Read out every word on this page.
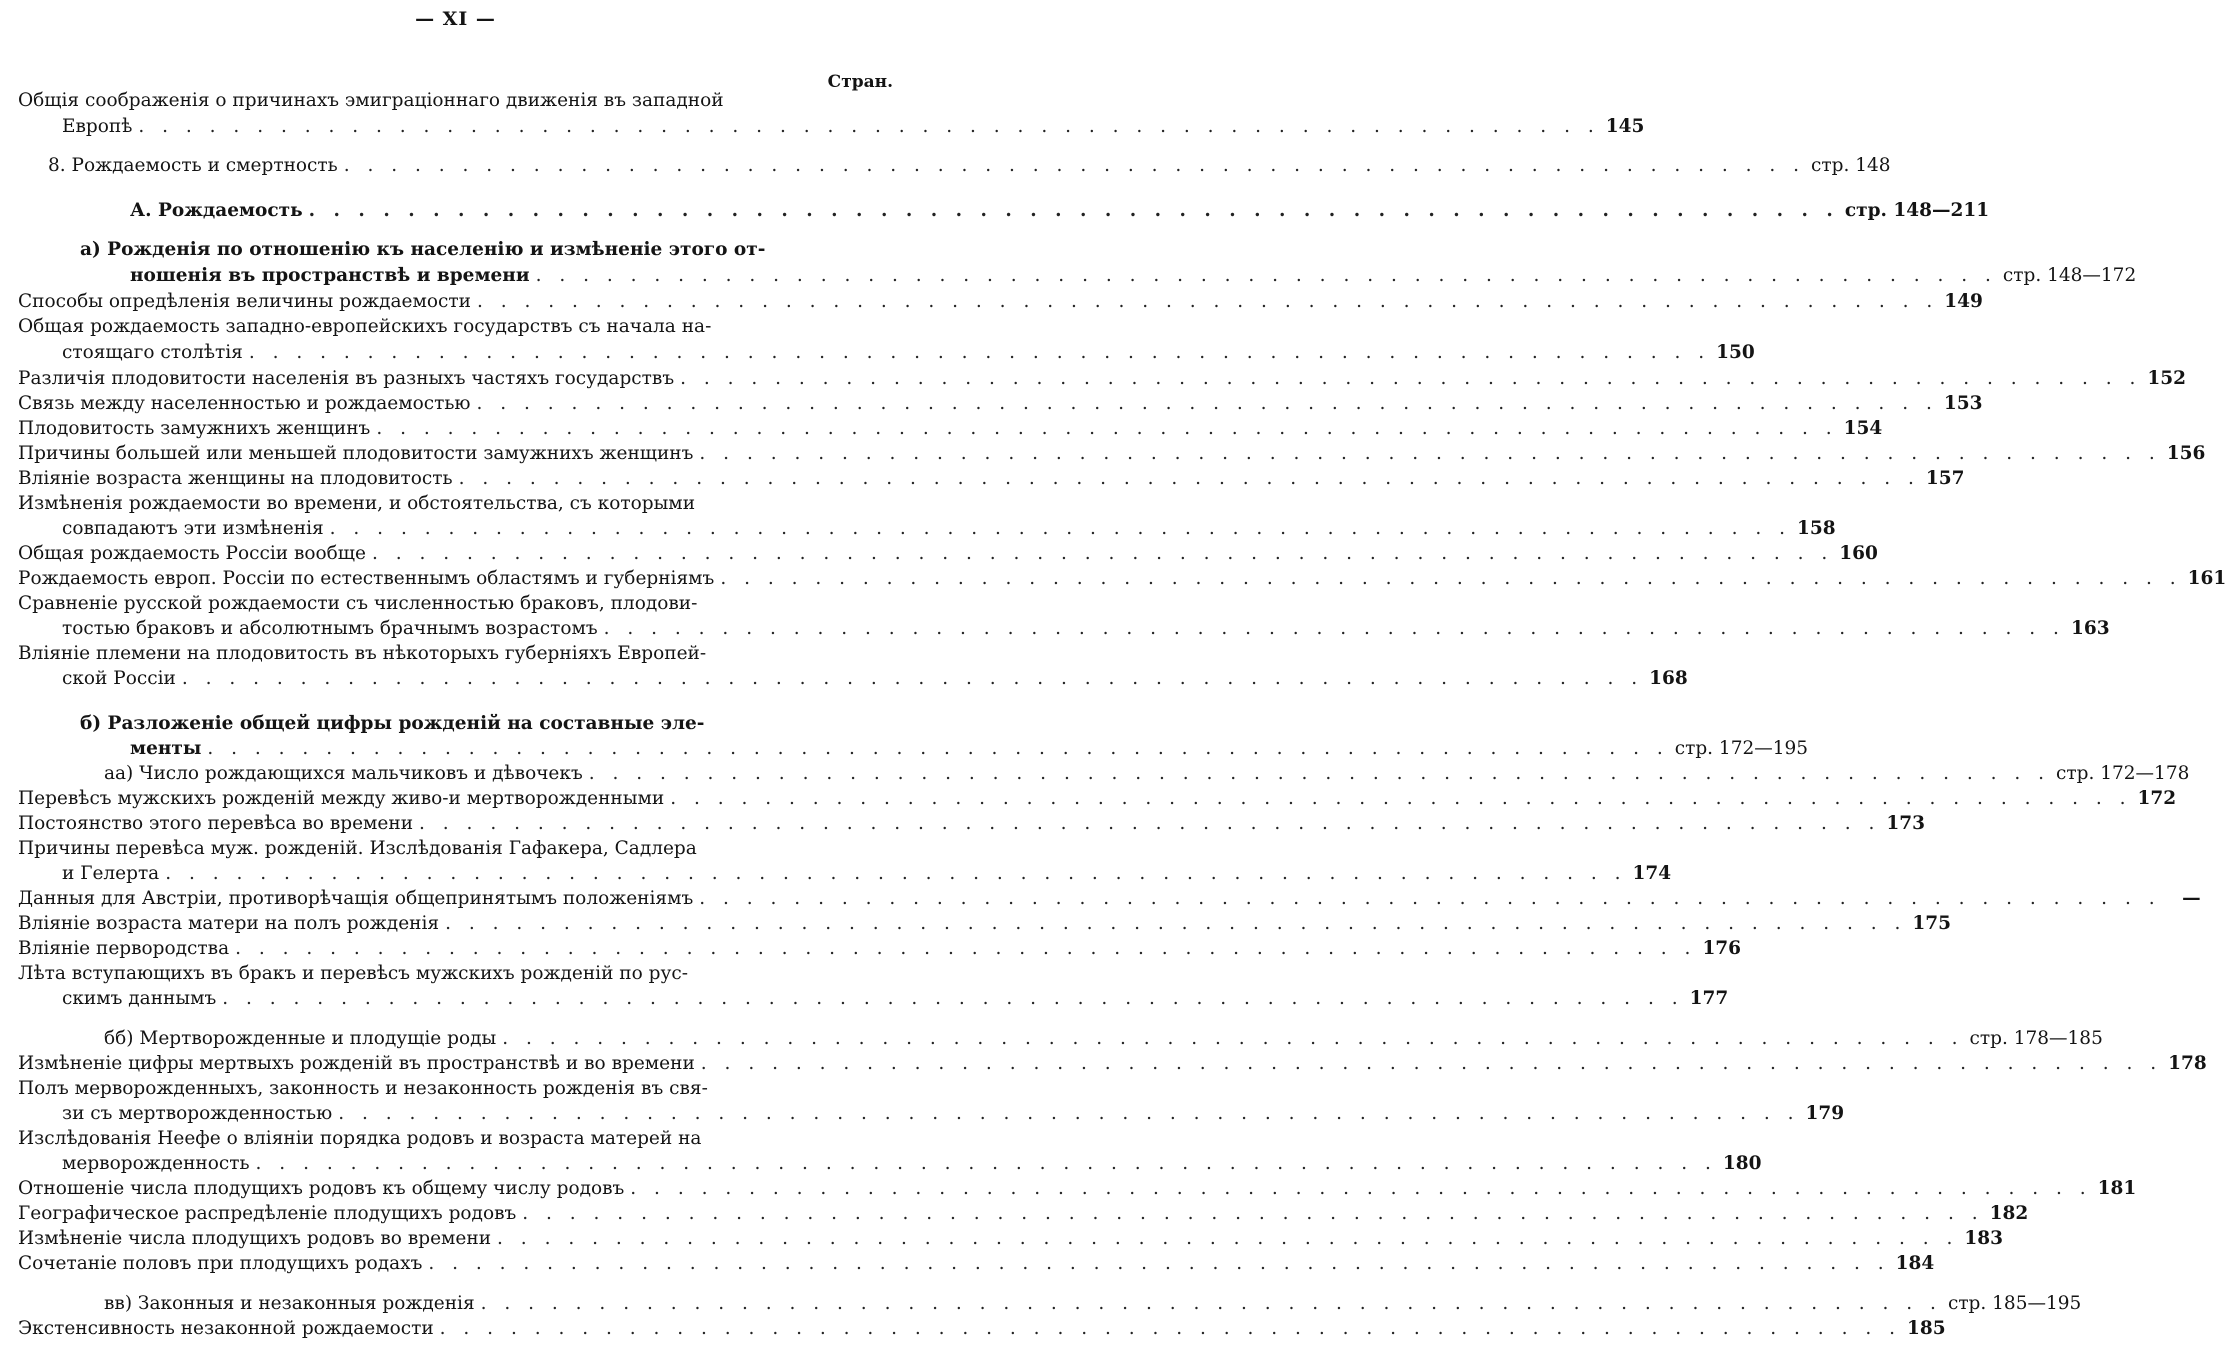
— XI —
Стран.
Общія соображенія о причинахъ эмиграціоннаго движенія въ западной
Европѣ . . . . . . . . . . . . . . . . . . . . . . . . . . . . . . . . . . . . . . . . . . . . . . . . . . . . . . . . . . . . . . 145
8. Рождаемость и смертность . . . . . . . . . . . . . . . . . . . . . . . . . . . . . . . . . . . . . . . . . . . . . . . . . . . . . . . . . . . . . . стр. 148
А. Рождаемость . . . . . . . . . . . . . . . . . . . . . . . . . . . . . . . . . . . . . . . . . . . . . . . . . . . . . . . . . . . . . . стр. 148—211
а) Рожденія по отношенію къ населенію и измѣненіе этого от-
ношенія въ пространствѣ и времени . . . . . . . . . . . . . . . . . . . . . . . . . . . . . . . . . . . . . . . . . . . . . . . . . . . . . . . . . . . . . . стр. 148—172
Способы опредѣленія величины рождаемости . . . . . . . . . . . . . . . . . . . . . . . . . . . . . . . . . . . . . . . . . . . . . . . . . . . . . . . . . . . . . . 149
Общая рождаемость западно-европейскихъ государствъ съ начала на-
стоящаго столѣтія . . . . . . . . . . . . . . . . . . . . . . . . . . . . . . . . . . . . . . . . . . . . . . . . . . . . . . . . . . . . . . 150
Различія плодовитости населенія въ разныхъ частяхъ государствъ . . . . . . . . . . . . . . . . . . . . . . . . . . . . . . . . . . . . . . . . . . . . . . . . . . . . . . . . . . . . . . 152
Связь между населенностью и рождаемостью . . . . . . . . . . . . . . . . . . . . . . . . . . . . . . . . . . . . . . . . . . . . . . . . . . . . . . . . . . . . . . 153
Плодовитость замужнихъ женщинъ . . . . . . . . . . . . . . . . . . . . . . . . . . . . . . . . . . . . . . . . . . . . . . . . . . . . . . . . . . . . . . 154
Причины большей или меньшей плодовитости замужнихъ женщинъ . . . . . . . . . . . . . . . . . . . . . . . . . . . . . . . . . . . . . . . . . . . . . . . . . . . . . . . . . . . . . . 156
Вліяніе возраста женщины на плодовитость . . . . . . . . . . . . . . . . . . . . . . . . . . . . . . . . . . . . . . . . . . . . . . . . . . . . . . . . . . . . . . 157
Измѣненія рождаемости во времени, и обстоятельства, съ которыми
совпадаютъ эти измѣненія . . . . . . . . . . . . . . . . . . . . . . . . . . . . . . . . . . . . . . . . . . . . . . . . . . . . . . . . . . . . . . 158
Общая рождаемость Россіи вообще . . . . . . . . . . . . . . . . . . . . . . . . . . . . . . . . . . . . . . . . . . . . . . . . . . . . . . . . . . . . . . 160
Рождаемость европ. Россіи по естественнымъ областямъ и губерніямъ . . . . . . . . . . . . . . . . . . . . . . . . . . . . . . . . . . . . . . . . . . . . . . . . . . . . . . . . . . . . . . 161
Сравненіе русской рождаемости съ численностью браковъ, плодови-
тостью браковъ и абсолютнымъ брачнымъ возрастомъ . . . . . . . . . . . . . . . . . . . . . . . . . . . . . . . . . . . . . . . . . . . . . . . . . . . . . . . . . . . . . . 163
Вліяніе племени на плодовитость въ нѣкоторыхъ губерніяхъ Европей-
ской Россіи . . . . . . . . . . . . . . . . . . . . . . . . . . . . . . . . . . . . . . . . . . . . . . . . . . . . . . . . . . . . . . 168
б) Разложеніе общей цифры рожденій на составные эле-
менты . . . . . . . . . . . . . . . . . . . . . . . . . . . . . . . . . . . . . . . . . . . . . . . . . . . . . . . . . . . . . . стр. 172—195
аа) Число рождающихся мальчиковъ и дѣвочекъ . . . . . . . . . . . . . . . . . . . . . . . . . . . . . . . . . . . . . . . . . . . . . . . . . . . . . . . . . . . . . . стр. 172—178
Перевѣсъ мужскихъ рожденій между живо-и мертворожденными . . . . . . . . . . . . . . . . . . . . . . . . . . . . . . . . . . . . . . . . . . . . . . . . . . . . . . . . . . . . . . 172
Постоянство этого перевѣса во времени . . . . . . . . . . . . . . . . . . . . . . . . . . . . . . . . . . . . . . . . . . . . . . . . . . . . . . . . . . . . . . 173
Причины перевѣса муж. рожденій. Изслѣдованія Гафакера, Садлера
и Гелерта . . . . . . . . . . . . . . . . . . . . . . . . . . . . . . . . . . . . . . . . . . . . . . . . . . . . . . . . . . . . . . 174
Данныя для Австріи, противорѣчащія общепринятымъ положеніямъ . . . . . . . . . . . . . . . . . . . . . . . . . . . . . . . . . . . . . . . . . . . . . . . . . . . . . . . . . . . . . .	—
Вліяніе возраста матери на полъ рожденія . . . . . . . . . . . . . . . . . . . . . . . . . . . . . . . . . . . . . . . . . . . . . . . . . . . . . . . . . . . . . . 175
Вліяніе первородства . . . . . . . . . . . . . . . . . . . . . . . . . . . . . . . . . . . . . . . . . . . . . . . . . . . . . . . . . . . . . . 176
Лѣта вступающихъ въ бракъ и перевѣсъ мужскихъ рожденій по рус-
скимъ даннымъ . . . . . . . . . . . . . . . . . . . . . . . . . . . . . . . . . . . . . . . . . . . . . . . . . . . . . . . . . . . . . . 177
бб) Мертворожденные и плодущіе роды . . . . . . . . . . . . . . . . . . . . . . . . . . . . . . . . . . . . . . . . . . . . . . . . . . . . . . . . . . . . . . стр. 178—185
Измѣненіе цифры мертвыхъ рожденій въ пространствѣ и во времени . . . . . . . . . . . . . . . . . . . . . . . . . . . . . . . . . . . . . . . . . . . . . . . . . . . . . . . . . . . . . . 178
Полъ мерворожденныхъ, законность и незаконность рожденія въ свя-
зи съ мертворожденностью . . . . . . . . . . . . . . . . . . . . . . . . . . . . . . . . . . . . . . . . . . . . . . . . . . . . . . . . . . . . . . 179
Изслѣдованія Неефе о вліяніи порядка родовъ и возраста матерей на
мерворожденность . . . . . . . . . . . . . . . . . . . . . . . . . . . . . . . . . . . . . . . . . . . . . . . . . . . . . . . . . . . . . . 180
Отношеніе числа плодущихъ родовъ къ общему числу родовъ . . . . . . . . . . . . . . . . . . . . . . . . . . . . . . . . . . . . . . . . . . . . . . . . . . . . . . . . . . . . . . 181
Географическое распредѣленіе плодущихъ родовъ . . . . . . . . . . . . . . . . . . . . . . . . . . . . . . . . . . . . . . . . . . . . . . . . . . . . . . . . . . . . . . 182
Измѣненіе числа плодущихъ родовъ во времени . . . . . . . . . . . . . . . . . . . . . . . . . . . . . . . . . . . . . . . . . . . . . . . . . . . . . . . . . . . . . . 183
Сочетаніе половъ при плодущихъ родахъ . . . . . . . . . . . . . . . . . . . . . . . . . . . . . . . . . . . . . . . . . . . . . . . . . . . . . . . . . . . . . . 184
вв) Законныя и незаконныя рожденія . . . . . . . . . . . . . . . . . . . . . . . . . . . . . . . . . . . . . . . . . . . . . . . . . . . . . . . . . . . . . . стр. 185—195
Экстенсивность незаконной рождаемости . . . . . . . . . . . . . . . . . . . . . . . . . . . . . . . . . . . . . . . . . . . . . . . . . . . . . . . . . . . . . . 185
